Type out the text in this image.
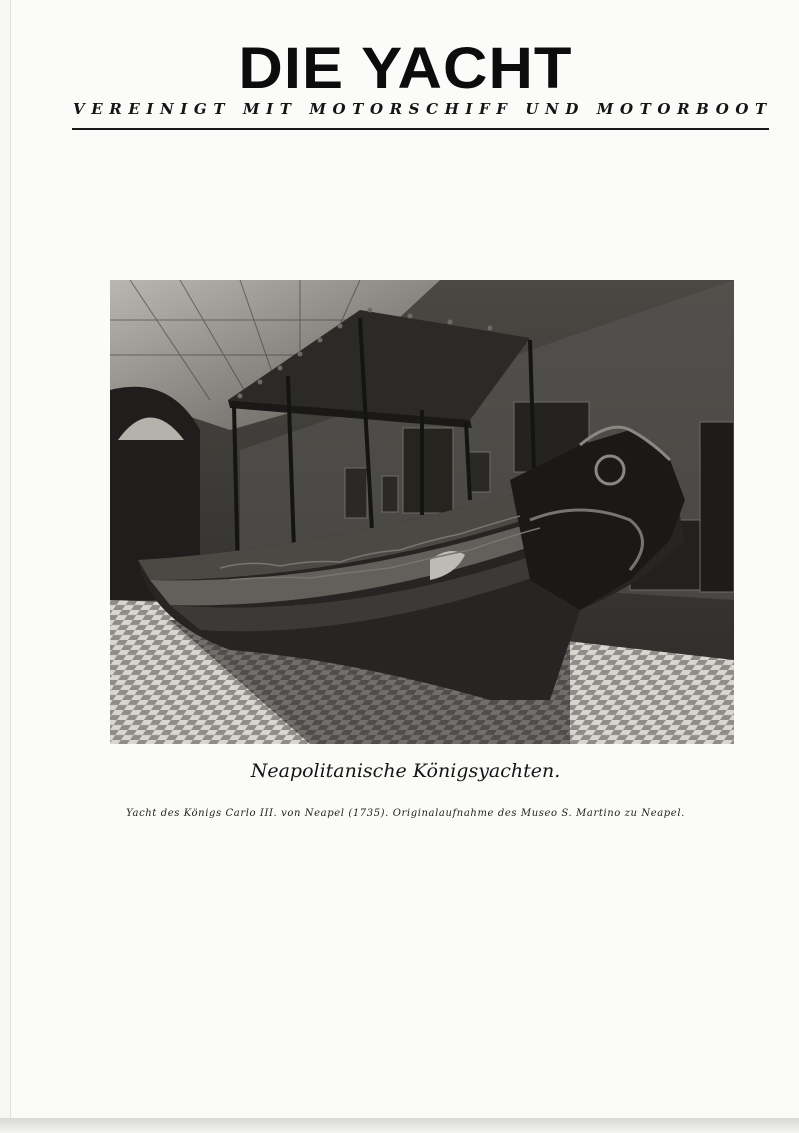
DIE YACHT
VEREINIGT MIT MOTORSCHIFF UND MOTORBOOT
Neapolitanische Königsyachten.
Yacht des Königs Carlo III. von Neapel (1735). Originalaufnahme des Museo S. Martino zu Neapel.
